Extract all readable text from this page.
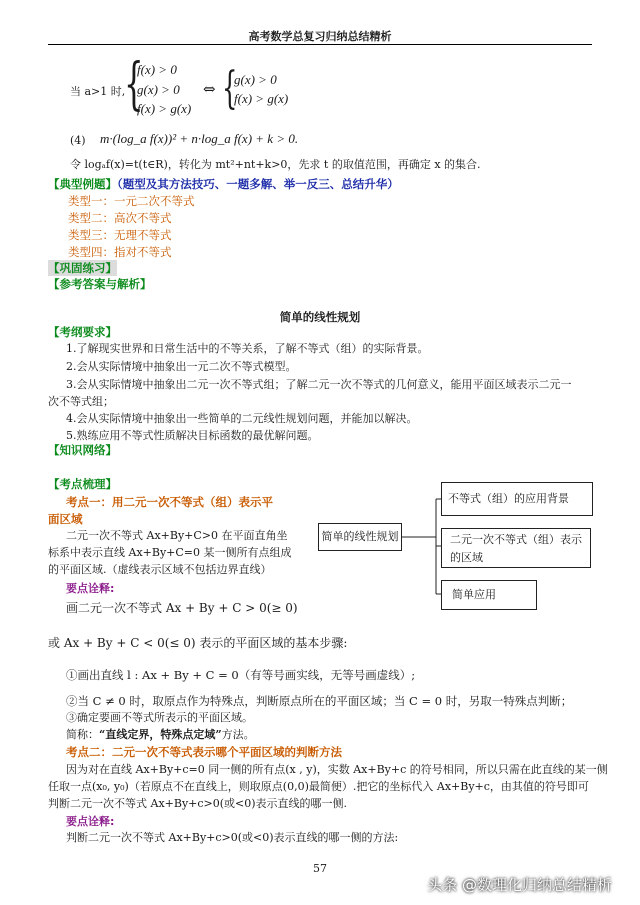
高考数学总复习归纳总结精析
当 a>1 时,
{
f(x) > 0
g(x) > 0
f(x) > g(x)
⇔ {
g(x) > 0
f(x) > g(x)
(4) m·(log_a f(x))² + n·log_a f(x) + k > 0.
令 logₐf(x)=t(t∈R)，转化为 mt²+nt+k>0，先求 t 的取值范围，再确定 x 的集合.
【典型例题】（题型及其方法技巧、一题多解、举一反三、总结升华）
类型一：一元二次不等式
类型二：高次不等式
类型三：无理不等式
类型四：指对不等式
【巩固练习】
【参考答案与解析】
简单的线性规划
【考纲要求】
1.了解现实世界和日常生活中的不等关系，了解不等式（组）的实际背景。
2.会从实际情境中抽象出一元二次不等式模型。
3.会从实际情境中抽象出二元一次不等式组；了解二元一次不等式的几何意义，能用平面区域表示二元一
次不等式组；
4.会从实际情境中抽象出一些简单的二元线性规划问题，并能加以解决。
5.熟练应用不等式性质解决目标函数的最优解问题。
【知识网络】
【考点梳理】
简单的线性规划
不等式（组）的应用背景
二元一次不等式（组）表示的区域
简单应用
考点一：用二元一次不等式（组）表示平
面区域
二元一次不等式 Ax+By+C>0 在平面直角坐
标系中表示直线 Ax+By+C=0 某一侧所有点组成
的平面区域.（虚线表示区域不包括边界直线）
要点诠释:
画二元一次不等式 Ax + By + C > 0(≥ 0)
或 Ax + By + C < 0(≤ 0) 表示的平面区域的基本步骤:
①画出直线 l : Ax + By + C = 0（有等号画实线，无等号画虚线）;
②当 C ≠ 0 时，取原点作为特殊点，判断原点所在的平面区域；当 C = 0 时，另取一特殊点判断；
③确定要画不等式所表示的平面区域。
简称：“直线定界，特殊点定域”方法。
考点二：二元一次不等式表示哪个平面区域的判断方法
因为对在直线 Ax+By+c=0 同一侧的所有点(x , y)，实数 Ax+By+c 的符号相同，所以只需在此直线的某一侧
任取一点(x₀, y₀)（若原点不在直线上，则取原点(0,0)最简便）.把它的坐标代入 Ax+By+c，由其值的符号即可
判断二元一次不等式 Ax+By+c>0(或<0)表示直线的哪一侧.
要点诠释:
判断二元一次不等式 Ax+By+c>0(或<0)表示直线的哪一侧的方法:
57
头条 @数理化归纳总结精析
